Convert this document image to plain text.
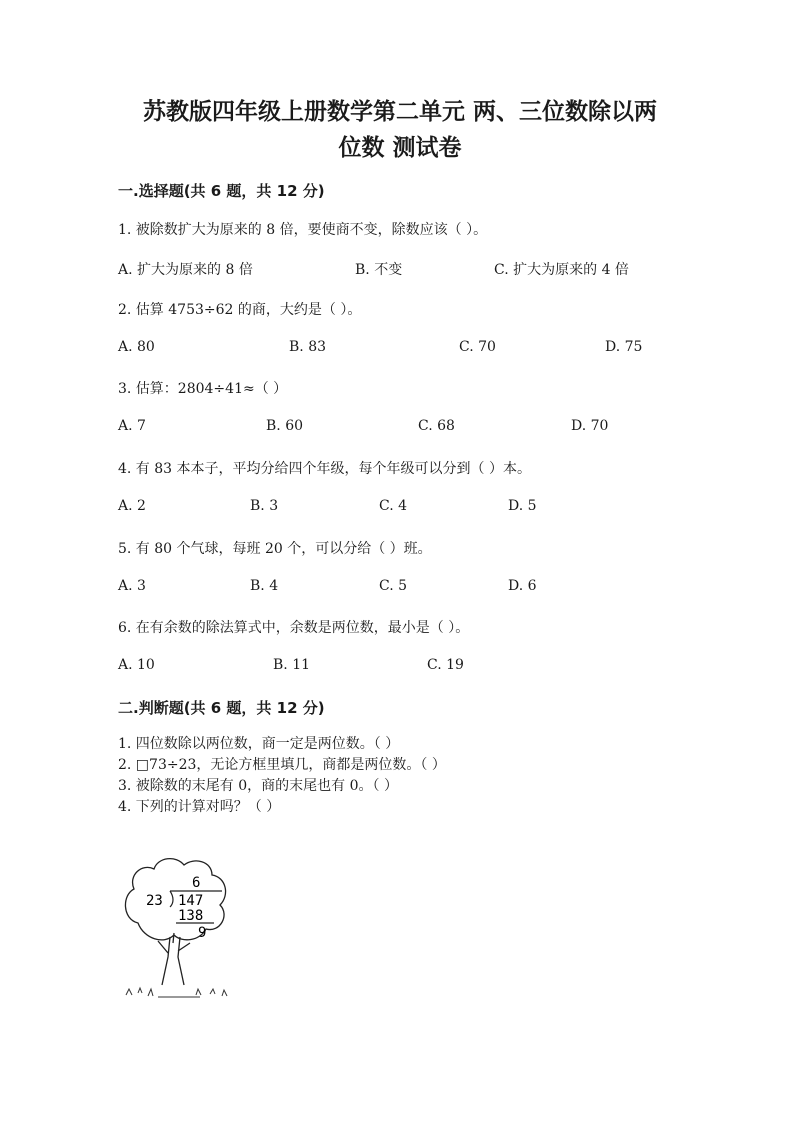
苏教版四年级上册数学第二单元 两、三位数除以两
位数 测试卷
一.选择题(共 6 题，共 12 分)
1. 被除数扩大为原来的 8 倍，要使商不变，除数应该（ ）。
A. 扩大为原来的 8 倍	B. 不变	C. 扩大为原来的 4 倍
2. 估算 4753÷62 的商，大约是（ ）。
A. 80	B. 83	C. 70	D. 75
3. 估算：2804÷41≈（ ）
A. 7	B. 60	C. 68	D. 70
4. 有 83 本本子，平均分给四个年级，每个年级可以分到（ ）本。
A. 2	B. 3	C. 4	D. 5
5. 有 80 个气球，每班 20 个，可以分给（ ）班。
A. 3	B. 4	C. 5	D. 6
6. 在有余数的除法算式中，余数是两位数，最小是（ ）。
A. 10	B. 11	C. 19
二.判断题(共 6 题，共 12 分)
1. 四位数除以两位数，商一定是两位数。（ ）
2. □73÷23，无论方框里填几，商都是两位数。（ ）
3. 被除数的末尾有 0，商的末尾也有 0。（ ）
4. 下列的计算对吗？（ ）
6
23 147
138
9
